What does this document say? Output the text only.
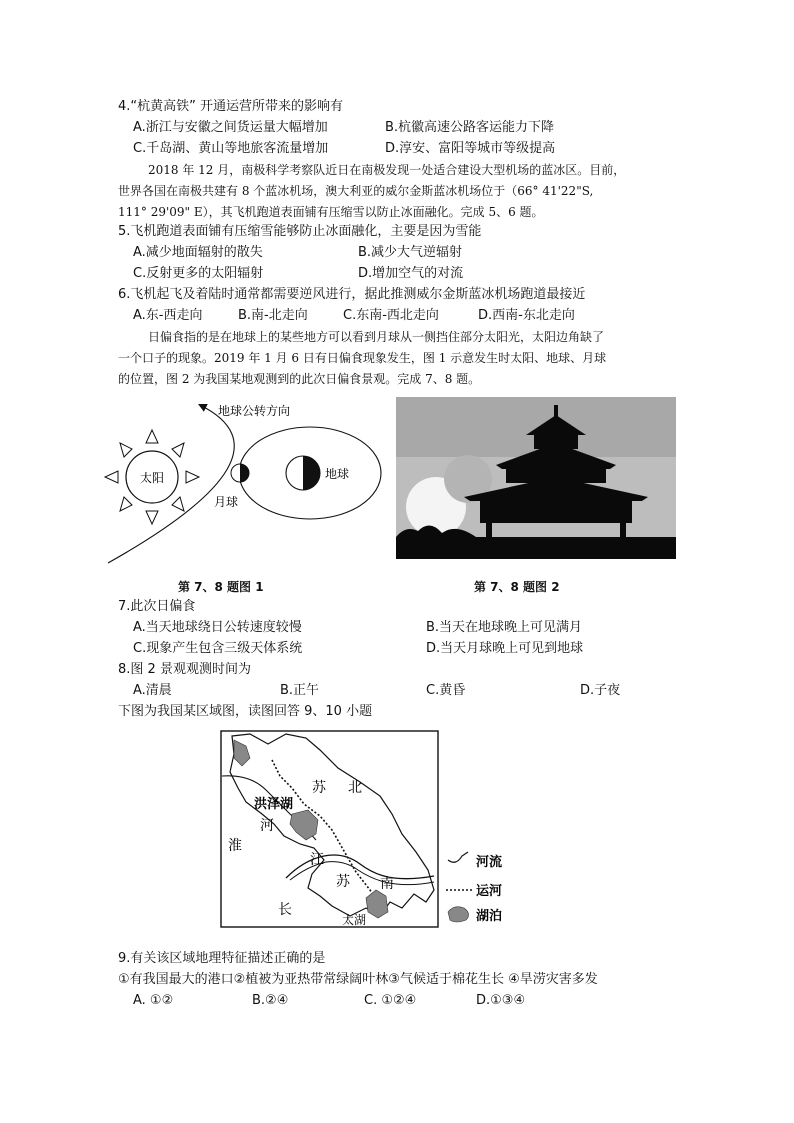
4.“杭黄高铁” 开通运营所带来的影响有
A.浙江与安徽之间货运量大幅增加	B.杭徽高速公路客运能力下降
C.千岛湖、黄山等地旅客流量增加	D.淳安、富阳等城市等级提高
2018 年 12 月，南极科学考察队近日在南极发现一处适合建设大型机场的蓝冰区。目前，
世界各国在南极共建有 8 个蓝冰机场，澳大利亚的威尔金斯蓝冰机场位于（66° 41'22"S,
111° 29'09" E），其飞机跑道表面铺有压缩雪以防止冰面融化。完成 5、6 题。
5.飞机跑道表面铺有压缩雪能够防止冰面融化，主要是因为雪能
A.减少地面辐射的散失	B.减少大气逆辐射
C.反射更多的太阳辐射	D.增加空气的对流
6.飞机起飞及着陆时通常都需要逆风进行，据此推测威尔金斯蓝冰机场跑道最接近
A.东-西走向	B.南-北走向	C.东南-西北走向	D.西南-东北走向
日偏食指的是在地球上的某些地方可以看到月球从一侧挡住部分太阳光，太阳边角缺了
一个口子的现象。2019 年 1 月 6 日有日偏食现象发生，图 1 示意发生时太阳、地球、月球
的位置，图 2 为我国某地观测到的此次日偏食景观。完成 7、8 题。
太阳
地球公转方向
月球
地球
第 7、8 题图 1	第 7、8 题图 2
7.此次日偏食
A.当天地球绕日公转速度较慢	B.当天在地球晚上可见满月
C.现象产生包含三级天体系统	D.当天月球晚上可见到地球
8.图 2 景观观测时间为
A.清晨	B.正午	C.黄昏	D.子夜
下图为我国某区域图，读图回答 9、10 小题
苏 北
洪泽湖
河
淮
江
苏 南
长
太湖
河流
运河
湖泊
9.有关该区域地理特征描述正确的是
①有我国最大的港口②植被为亚热带常绿阔叶林③气候适于棉花生长 ④旱涝灾害多发
A. ①②	B.②④	C. ①②④	D.①③④
